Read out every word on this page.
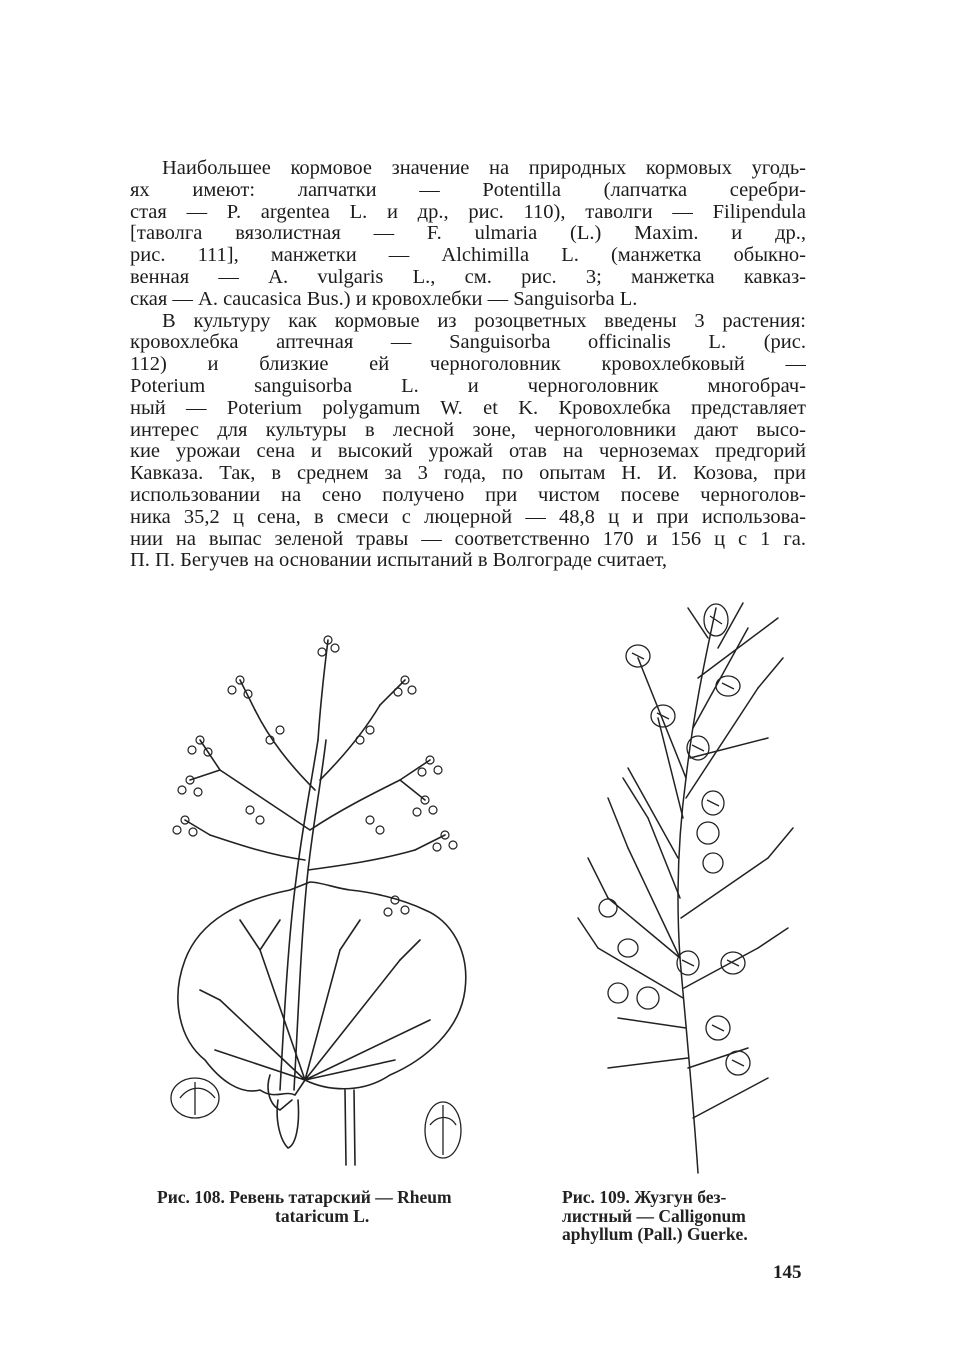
Наибольшее кормовое значение на природных кормовых угодь-
ях имеют: лапчатки — Potentilla (лапчатка серебри-
стая — P. argentea L. и др., рис. 110), таволги — Filipendula
[таволга вязолистная — F. ulmaria (L.) Maxim. и др.,
рис. 111], манжетки — Alchimilla L. (манжетка обыкно-
венная — A. vulgaris L., см. рис. 3; манжетка кавказ-
ская — A. caucasica Bus.) и кровохлебки — Sanguisorba L.
В культуру как кормовые из розоцветных введены 3 растения:
кровохлебка аптечная — Sanguisorba officinalis L. (рис.
112) и близкие ей черноголовник кровохлебковый —
Poterium sanguisorba L. и черноголовник многобрач-
ный — Poterium polygamum W. et K. Кровохлебка представляет
интерес для культуры в лесной зоне, черноголовники дают высо-
кие урожаи сена и высокий урожай отав на черноземах предгорий
Кавказа. Так, в среднем за 3 года, по опытам Н. И. Козова, при
использовании на сено получено при чистом посеве черноголов-
ника 35,2 ц сена, в смеси с люцерной — 48,8 ц и при использова-
нии на выпас зеленой травы — соответственно 170 и 156 ц с 1 га.
П. П. Бегучев на основании испытаний в Волгограде считает,
Рис. 108. Ревень татарский — Rheum
tataricum L.
Рис. 109. Жузгун без-
листный — Calligonum
aphyllum (Pall.) Guerke.
145
